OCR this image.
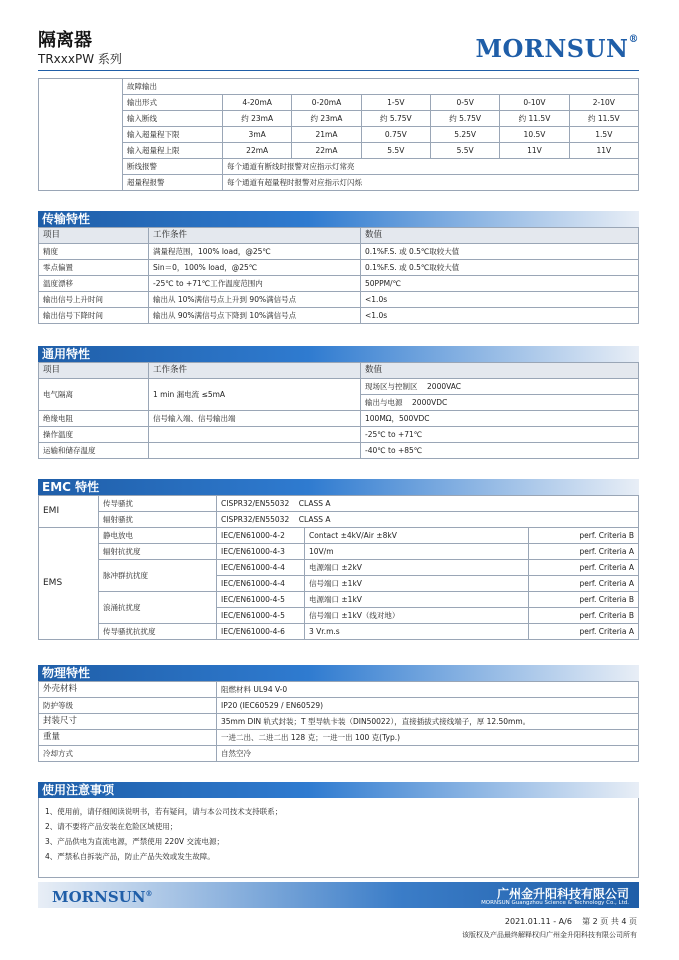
隔离器
TRxxxPW 系列	MORNSUN®
	故障输出						
	输出形式	4-20mA	0-20mA	1-5V	0-5V	0-10V	2-10V
	输入断线	约 23mA	约 23mA	约 5.75V	约 5.75V	约 11.5V	约 11.5V
	输入超量程下限	3mA	21mA	0.75V	5.25V	10.5V	1.5V
	输入超量程上限	22mA	22mA	5.5V	5.5V	11V	11V
	断线报警	每个通道有断线时报警对应指示灯常亮					
	超量程报警	每个通道有超量程时报警对应指示灯闪烁					
传输特性
项目	工作条件	数值
精度	满量程范围，100% load，@25℃	0.1%F.S. 或 0.5℃取较大值
零点偏置	Sin＝0，100% load，@25℃	0.1%F.S. 或 0.5℃取较大值
温度漂移	-25℃ to +71℃工作温度范围内	50PPM/℃
输出信号上升时间	输出从 10%满信号点上升到 90%满信号点	<1.0s
输出信号下降时间	输出从 90%满信号点下降到 10%满信号点	<1.0s
通用特性
项目	工作条件	数值
电气隔离	1 min 漏电流 ≤5mA	现场区与控制区    2000VAC
		输出与电源    2000VDC
绝缘电阻	信号输入端、信号输出端	100MΩ，500VDC
操作温度		-25℃ to +71℃
运输和储存温度		-40℃ to +85℃
EMC 特性
EMI	传导骚扰	CISPR32/EN55032    CLASS A		
	辐射骚扰	CISPR32/EN55032    CLASS A		
EMS	静电放电	IEC/EN61000-4-2	Contact ±4kV/Air ±8kV	perf. Criteria B
	辐射抗扰度	IEC/EN61000-4-3	10V/m	perf. Criteria A
	脉冲群抗扰度	IEC/EN61000-4-4	电源端口 ±2kV	perf. Criteria A
		IEC/EN61000-4-4	信号端口 ±1kV	perf. Criteria A
	浪涌抗扰度	IEC/EN61000-4-5	电源端口 ±1kV	perf. Criteria B
		IEC/EN61000-4-5	信号端口 ±1kV（线对地）	perf. Criteria B
	传导骚扰抗扰度	IEC/EN61000-4-6	3 Vr.m.s	perf. Criteria A
物理特性
外壳材料	阻燃材料 UL94 V-0
防护等级	IP20 (IEC60529 / EN60529)
封装尺寸	35mm DIN 轨式封装；T 型导轨卡装（DIN50022），直接插拔式接线端子，厚 12.50mm。
重量	一进二出、二进二出 128 克；一进一出 100 克(Typ.)
冷却方式	自然空冷
使用注意事项
1、使用前，请仔细阅读说明书，若有疑问，请与本公司技术支持联系；
2、请不要将产品安装在危险区域使用；
3、产品供电为直流电源，严禁使用 220V 交流电源；
4、严禁私自拆装产品，防止产品失效或发生故障。
MORNSUN®	广州金升阳科技有限公司
MORNSUN Guangzhou Science & Technology Co., Ltd.
2021.01.11 - A/6    第 2 页 共 4 页
该版权及产品最终解释权归广州金升阳科技有限公司所有
